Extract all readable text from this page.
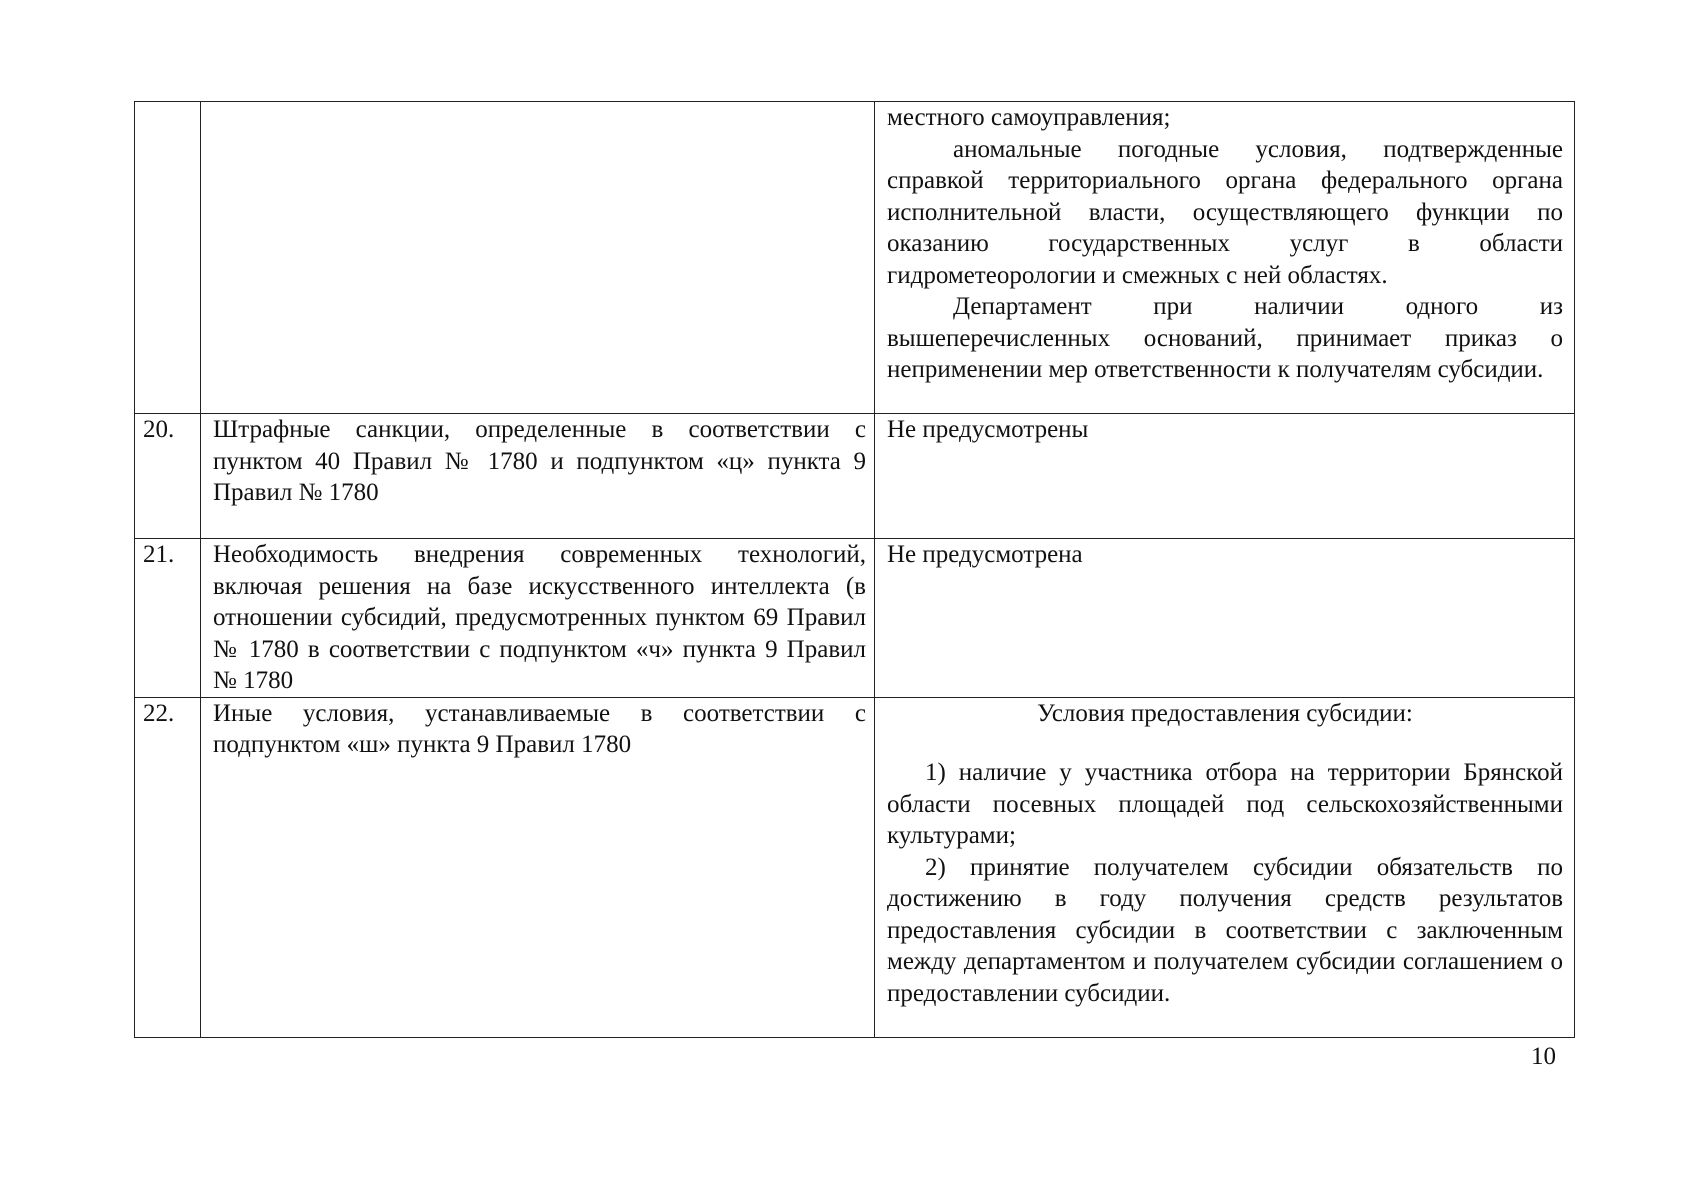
		местного самоуправления;

аномальные погодные условия, подтвержденные справкой территориального органа федерального органа исполнительной власти, осуществляющего функции по оказанию государственных услуг в области гидрометеорологии и смежных с ней областях.

Департамент при наличии одного из вышеперечисленных оснований, принимает приказ о неприменении мер ответственности к получателям субсидии.

20.	Штрафные санкции, определенные в соответствии с пунктом 40 Правил № 1780 и подпунктом «ц» пункта 9 Правил № 1780	Не предусмотрены
21.	Необходимость внедрения современных технологий, включая решения на базе искусственного интеллекта (в отношении субсидий, предусмотренных пунктом 69 Правил № 1780 в соответствии с подпунктом «ч» пункта 9 Правил № 1780	Не предусмотрена
22.	Иные условия, устанавливаемые в соответствии с подпунктом «ш» пункта 9 Правил 1780	Условия предоставления субсидии:

1) наличие у участника отбора на территории Брянской области посевных площадей под сельскохозяйственными культурами;

2) принятие получателем субсидии обязательств по достижению в году получения средств результатов предоставления субсидии в соответствии с заключенным между департаментом и получателем субсидии соглашением о предоставлении субсидии.

10
